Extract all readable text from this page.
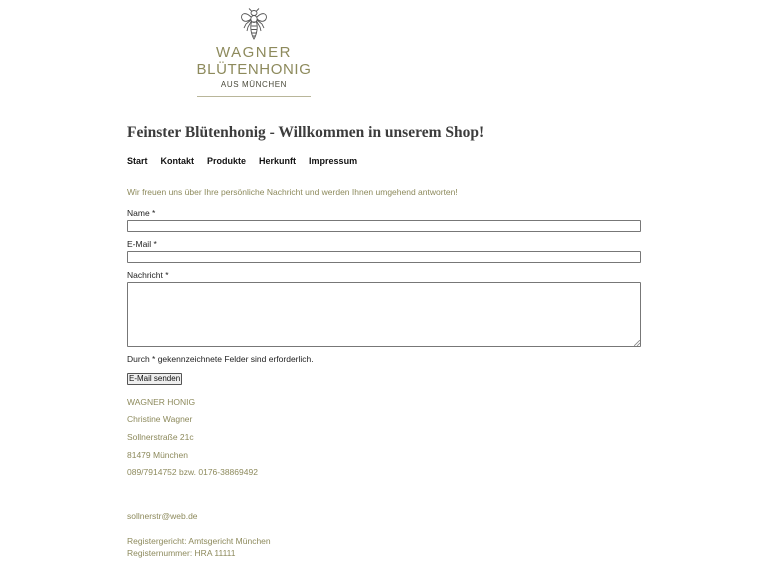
WAGNER
BLÜTENHONIG
AUS MÜNCHEN
Feinster Blütenhonig - Willkommen in unserem Shop!
Start Kontakt Produkte Herkunft Impressum

Wir freuen uns über Ihre persönliche Nachricht und werden Ihnen umgehend antworten!

Name *
E-Mail *
Nachricht *

Durch * gekennzeichnete Felder sind erforderlich.

E-Mail senden
WAGNER HONIG
Christine Wagner
Sollnerstraße 21c
81479 München
089/7914752 bzw. 0176-38869492
sollnerstr@web.de
Registergericht: Amtsgericht München
Registernummer: HRA 11111
